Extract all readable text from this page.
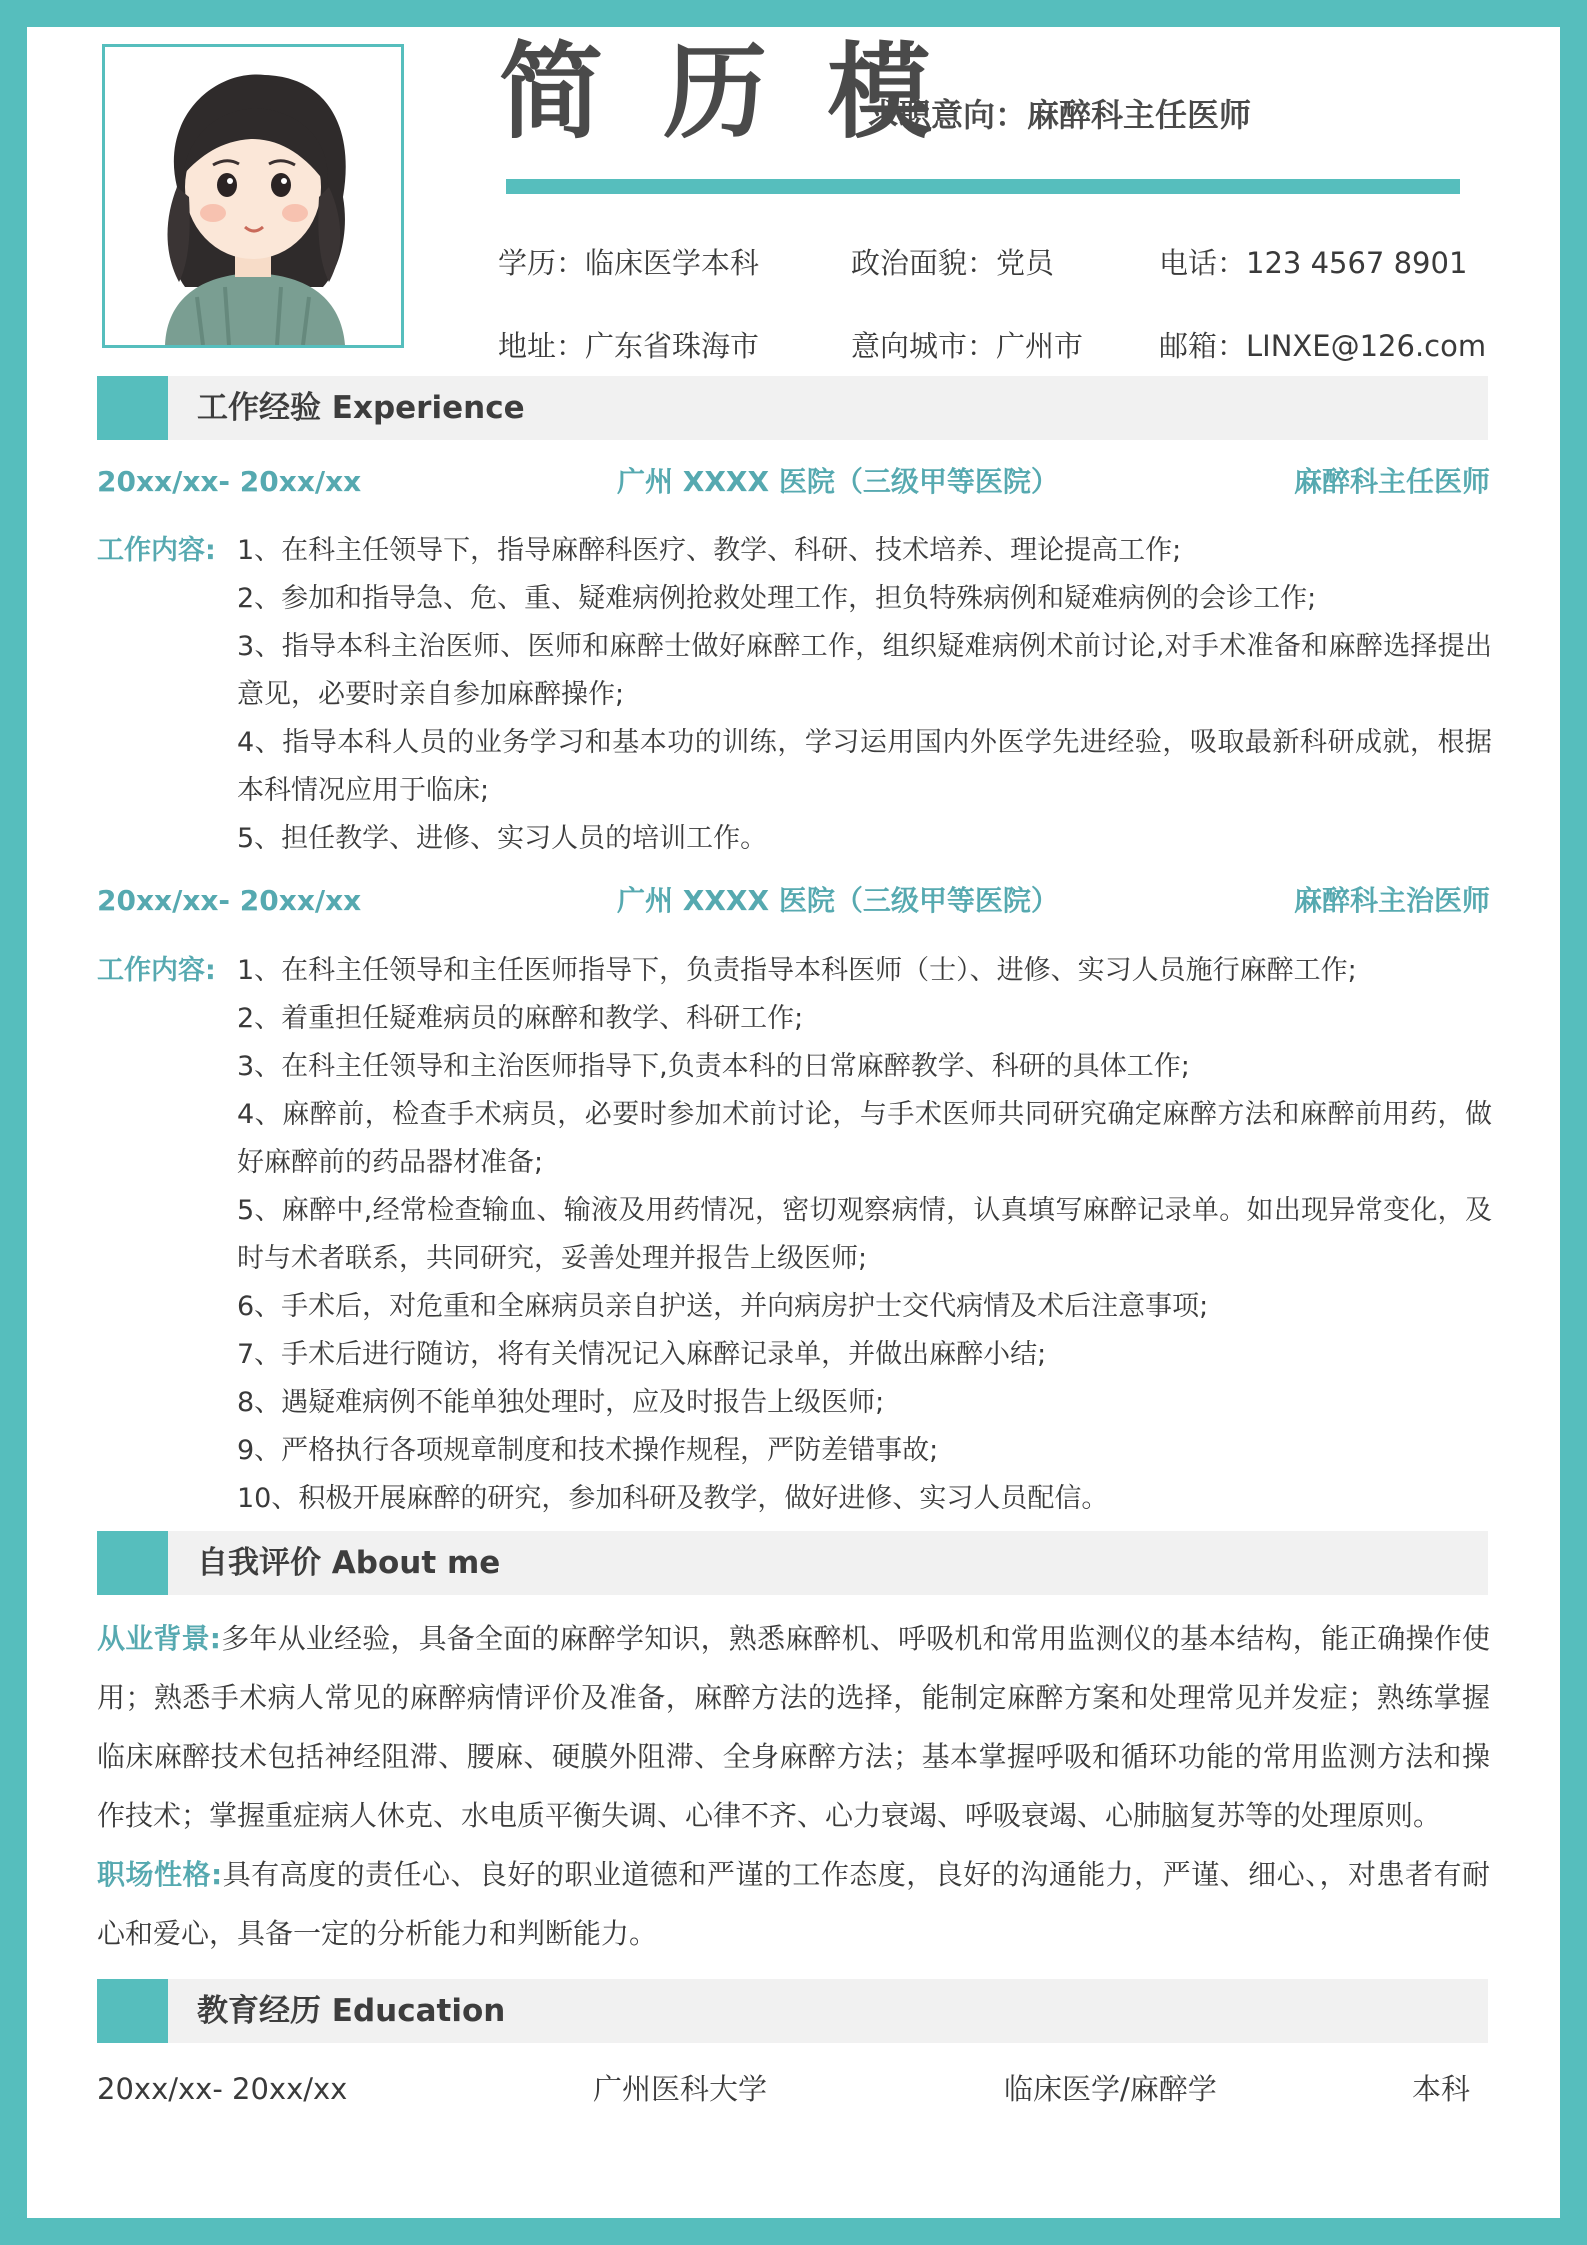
简 历 模
求职意向：麻醉科主任医师
学历：临床医学本科	政治面貌：党员	电话：123 4567 8901
地址：广东省珠海市	意向城市：广州市	邮箱：LINXE@126.com
工作经验 Experience
20xx/xx- 20xx/xx	广州 XXXX 医院（三级甲等医院）	麻醉科主任医师
工作内容: 1、在科主任领导下，指导麻醉科医疗、教学、科研、技术培养、理论提高工作;
2、参加和指导急、危、重、疑难病例抢救处理工作，担负特殊病例和疑难病例的会诊工作;
3、指导本科主治医师、医师和麻醉士做好麻醉工作，组织疑难病例术前讨论,对手术准备和麻醉选择提出意见，必要时亲自参加麻醉操作;
4、指导本科人员的业务学习和基本功的训练，学习运用国内外医学先进经验，吸取最新科研成就，根据本科情况应用于临床;
5、担任教学、进修、实习人员的培训工作。
20xx/xx- 20xx/xx	广州 XXXX 医院（三级甲等医院）	麻醉科主治医师
工作内容: 1、在科主任领导和主任医师指导下，负责指导本科医师（士）、进修、实习人员施行麻醉工作;
2、着重担任疑难病员的麻醉和教学、科研工作;
3、在科主任领导和主治医师指导下,负责本科的日常麻醉教学、科研的具体工作;
4、麻醉前，检查手术病员，必要时参加术前讨论，与手术医师共同研究确定麻醉方法和麻醉前用药，做好麻醉前的药品器材准备;
5、麻醉中,经常检查输血、输液及用药情况，密切观察病情，认真填写麻醉记录单。如出现异常变化，及时与术者联系，共同研究，妥善处理并报告上级医师;
6、手术后，对危重和全麻病员亲自护送，并向病房护士交代病情及术后注意事项;
7、手术后进行随访，将有关情况记入麻醉记录单，并做出麻醉小结;
8、遇疑难病例不能单独处理时，应及时报告上级医师;
9、严格执行各项规章制度和技术操作规程，严防差错事故;
10、积极开展麻醉的研究，参加科研及教学，做好进修、实习人员配信。
自我评价 About me
从业背景:多年从业经验，具备全面的麻醉学知识，熟悉麻醉机、呼吸机和常用监测仪的基本结构，能正确操作使用；熟悉手术病人常见的麻醉病情评价及准备，麻醉方法的选择，能制定麻醉方案和处理常见并发症；熟练掌握临床麻醉技术包括神经阻滞、腰麻、硬膜外阻滞、全身麻醉方法；基本掌握呼吸和循环功能的常用监测方法和操作技术；掌握重症病人休克、水电质平衡失调、心律不齐、心力衰竭、呼吸衰竭、心肺脑复苏等的处理原则。
职场性格:具有高度的责任心、良好的职业道德和严谨的工作态度，良好的沟通能力，严谨、细心、，对患者有耐心和爱心，具备一定的分析能力和判断能力。
教育经历 Education
20xx/xx- 20xx/xx	广州医科大学	临床医学/麻醉学	本科
